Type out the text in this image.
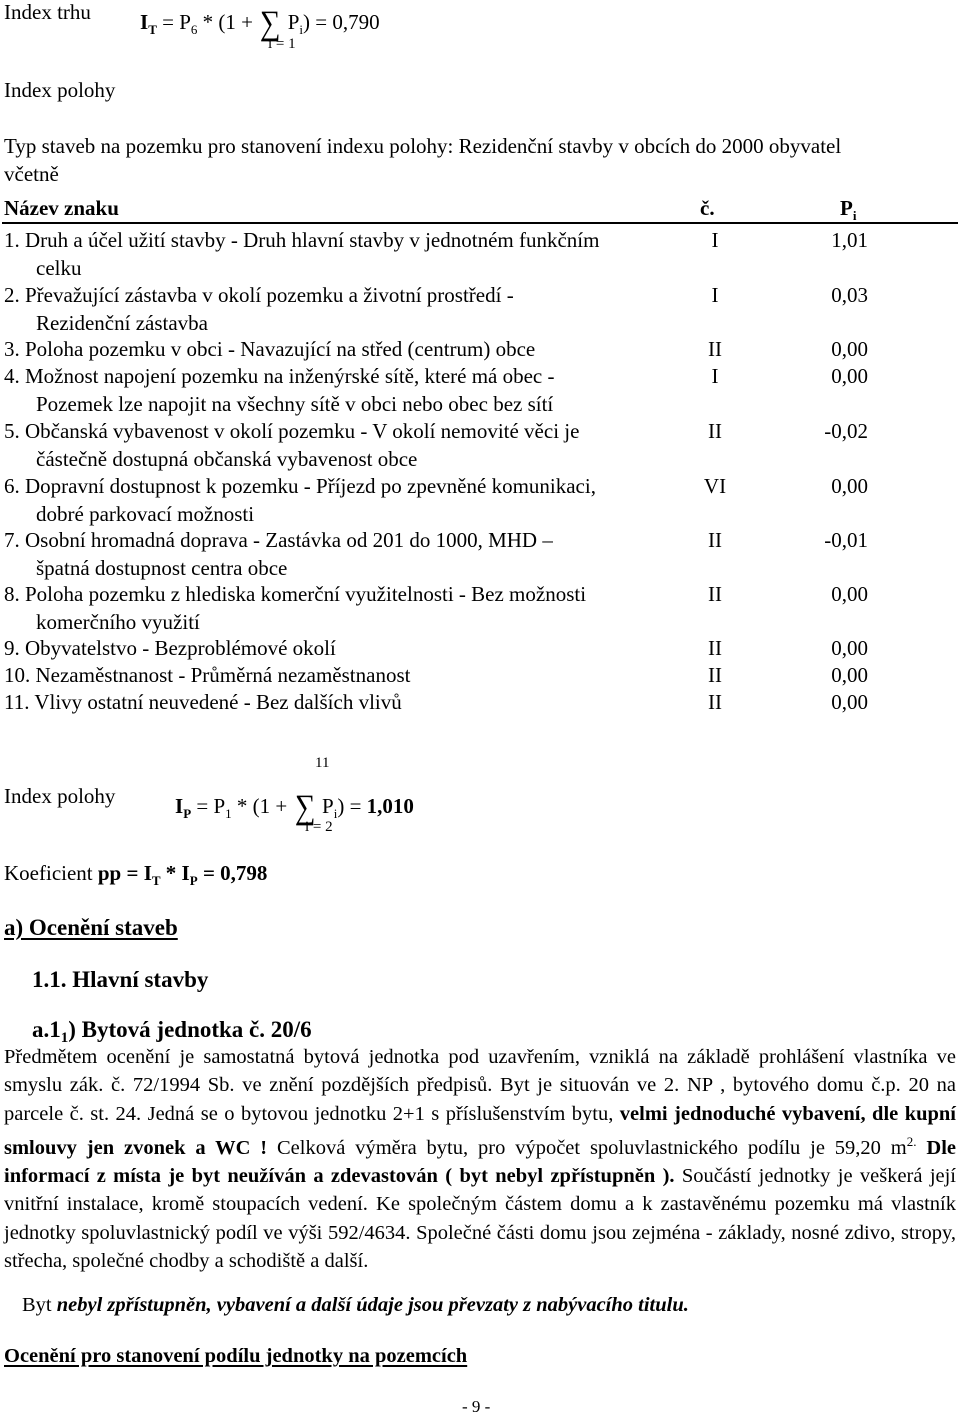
Index trhu $I_T = P_6 * (1$ + ∑ $P_i) = 0,790$
i = 1
Index polohy
Typ staveb na pozemku pro stanovení indexu polohy: Rezidenční stavby v obcích do 2000 obyvatel
včetně
Název znaku	č.	$P_i$
1. Druh a účel užití stavby - Druh hlavní stavby v jednotném funkčním
celku
I	1,01
2. Převažující zástavba v okolí pozemku a životní prostředí -
Rezidenční zástavba
I	0,03
3. Poloha pozemku v obci - Navazující na střed (centrum) obce	II	0,00
4. Možnost napojení pozemku na inženýrské sítě, které má obec -
Pozemek lze napojit na všechny sítě v obci nebo obec bez sítí
I	0,00
5. Občanská vybavenost v okolí pozemku - V okolí nemovité věci je
částečně dostupná občanská vybavenost obce
II	-0,02
6. Dopravní dostupnost k pozemku - Příjezd po zpevněné komunikaci,
dobré parkovací možnosti
VI	0,00
7. Osobní hromadná doprava - Zastávka od 201 do 1000, MHD –
špatná dostupnost centra obce
II	-0,01
8. Poloha pozemku z hlediska komerční využitelnosti - Bez možnosti
komerčního využití
II	0,00
9. Obyvatelstvo - Bezproblémové okolí	II	0,00
10. Nezaměstnanost - Průměrná nezaměstnanost	II	0,00
11. Vlivy ostatní neuvedené - Bez dalších vlivů	II	0,00
11
Index polohy	$I_P = P_1 * (1$ + ∑ $P_i) = 1,010$
i = 2
Koeficient pp = $I_T * I_P = 0,798$
a) Ocenění staveb
1.1. Hlavní stavby
$a.1_1$) Bytová jednotka č. 20/6

Předmětem ocenění je samostatná bytová jednotka pod uzavřením, vzniklá na základě prohlášení vlastníka ve smyslu zák. č. 72/1994 Sb. ve znění pozdějších předpisů. Byt je situován ve 2. NP , bytového domu č.p. 20 na parcele č. st. 24. Jedná se o bytovou jednotku 2+1 s příslušenstvím bytu, velmi jednoduché vybavení, dle kupní smlouvy jen zvonek a WC ! Celková výměra bytu, pro výpočet spoluvlastnického podílu je 59,20 $m^{2.}$ Dle informací z místa je byt neužíván a zdevastován ( byt nebyl zpřístupněn ). Součástí jednotky je veškerá její vnitřní instalace, kromě stoupacích vedení. Ke společným částem domu a k zastavěnému pozemku má vlastník jednotky spoluvlastnický podíl ve výši 592/4634. Společné části domu jsou zejména - základy, nosné zdivo, stropy, střecha, společné chodby a schodiště a další.

Byt nebyl zpřístupněn, vybavení a další údaje jsou převzaty z nabývacího titulu.
Ocenění pro stanovení podílu jednotky na pozemcích
- 9 -
